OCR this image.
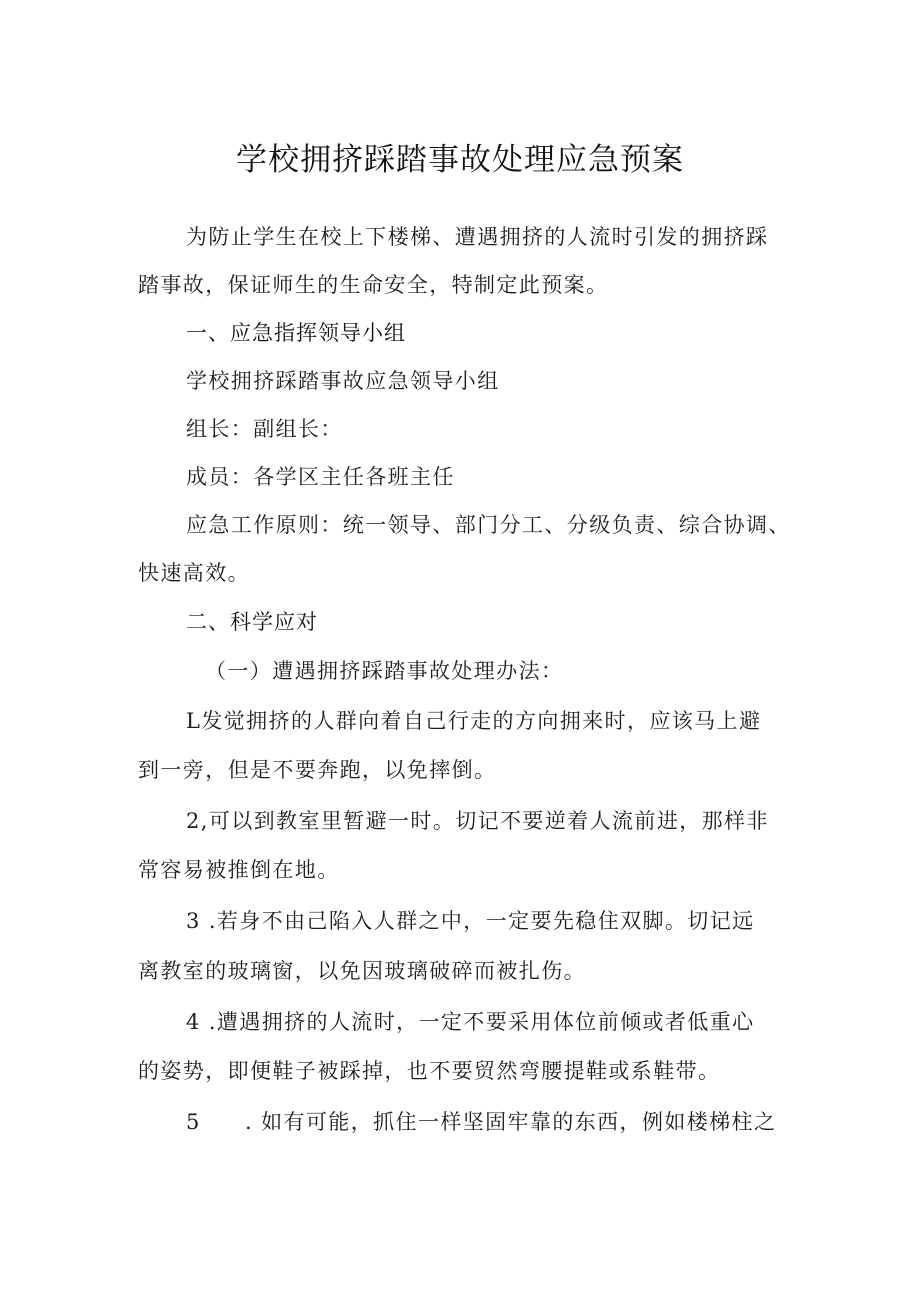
学校拥挤踩踏事故处理应急预案
为防止学生在校上下楼梯、遭遇拥挤的人流时引发的拥挤踩
踏事故，保证师生的生命安全，特制定此预案。
一、应急指挥领导小组
学校拥挤踩踏事故应急领导小组
组长：副组长：
成员：各学区主任各班主任
应急工作原则：统一领导、部门分工、分级负责、综合协调、
快速高效。
二、科学应对
（一）遭遇拥挤踩踏事故处理办法：
L发觉拥挤的人群向着自己行走的方向拥来时，应该马上避
到一旁，但是不要奔跑，以免摔倒。
2,可以到教室里暂避一时。切记不要逆着人流前进，那样非
常容易被推倒在地。
3 .若身不由己陷入人群之中，一定要先稳住双脚。切记远
离教室的玻璃窗，以免因玻璃破碎而被扎伤。
4 .遭遇拥挤的人流时，一定不要采用体位前倾或者低重心
的姿势，即便鞋子被踩掉，也不要贸然弯腰提鞋或系鞋带。
5 . 如有可能，抓住一样坚固牢靠的东西，例如楼梯柱之
